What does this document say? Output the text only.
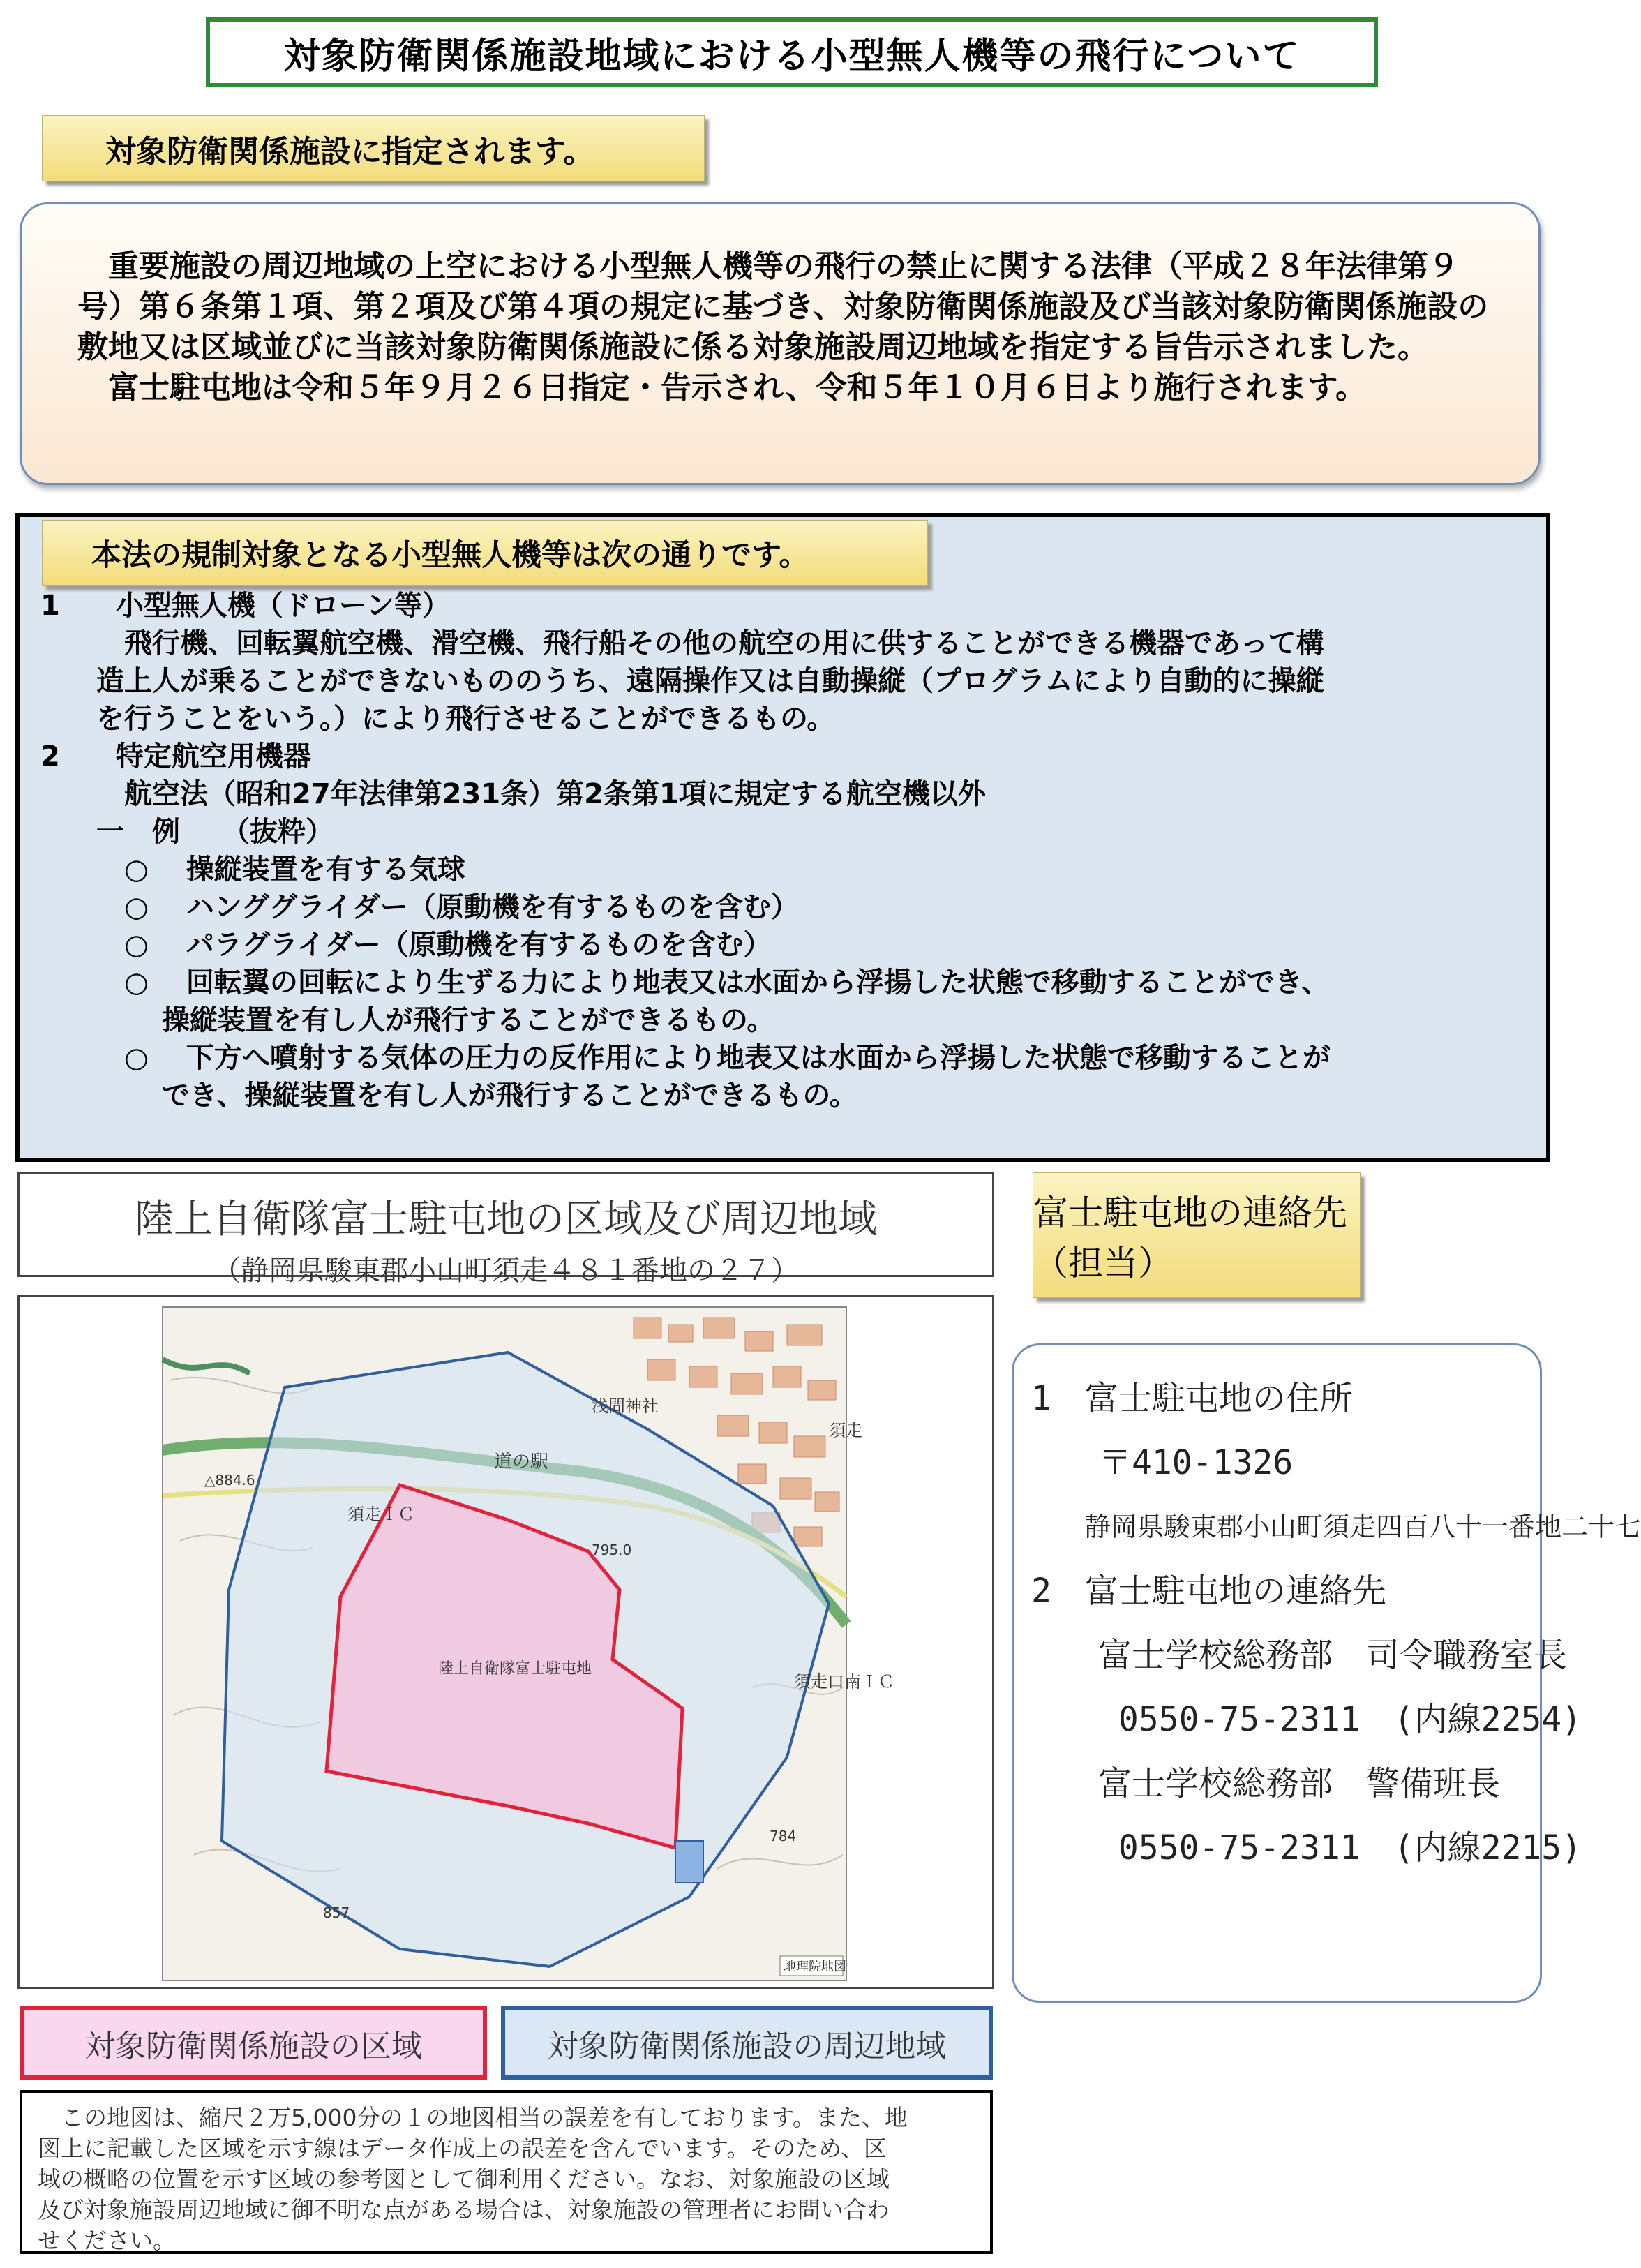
対象防衛関係施設地域における小型無人機等の飛行について
対象防衛関係施設に指定されます。

　重要施設の周辺地域の上空における小型無人機等の飛行の禁止に関する法律（平成２８年法律第９号）第６条第１項、第２項及び第４項の規定に基づき、対象防衛関係施設及び当該対象防衛関係施設の敷地又は区域並びに当該対象防衛関係施設に係る対象施設周辺地域を指定する旨告示されました。

　富士駐屯地は令和５年９月２６日指定・告示され、令和５年１０月６日より施行されます。

1　　小型無人機（ドローン等）
　　　飛行機、回転翼航空機、滑空機、飛行船その他の航空の用に供することができる機器であって構
　　造上人が乗ることができないもののうち、遠隔操作又は自動操縦（プログラムにより自動的に操縦
　　を行うことをいう。）により飛行させることができるもの。
2　　特定航空用機器
　　　航空法（昭和27年法律第231条）第2条第1項に規定する航空機以外
　　一　例　　（抜粋）
　　　○　 操縦装置を有する気球
　　　○　 ハンググライダー（原動機を有するものを含む）
　　　○　 パラグライダー（原動機を有するものを含む）
　　　○　 回転翼の回転により生ずる力により地表又は水面から浮揚した状態で移動することができ、
　　　　 操縦装置を有し人が飛行することができるもの。
　　　○　 下方へ噴射する気体の圧力の反作用により地表又は水面から浮揚した状態で移動することが
　　　　 でき、操縦装置を有し人が飛行することができるもの。
本法の規制対象となる小型無人機等は次の通りです。
陸上自衛隊富士駐屯地の区域及び周辺地域
（静岡県駿東郡小山町須走４８１番地の２７）
富士駐屯地の連絡先（担当）
浅間神社
道の駅
陸上自衛隊富士駐屯地
須走ＩＣ
須走口南ＩＣ
須走
△884.6
795.0
784
857
地理院地図
1　富士駐屯地の住所
　　〒410-1326
　　静岡県駿東郡小山町須走四百八十一番地二十七
2　富士駐屯地の連絡先
　　富士学校総務部　司令職務室長
　　 0550-75-2311　(内線2254)
　　富士学校総務部　警備班長
　　 0550-75-2311　(内線2215)
対象防衛関係施設の区域	対象防衛関係施設の周辺地域
　この地図は、縮尺２万5,000分の１の地図相当の誤差を有しております。また、地
図上に記載した区域を示す線はデータ作成上の誤差を含んでいます。そのため、区
域の概略の位置を示す区域の参考図として御利用ください。なお、対象施設の区域
及び対象施設周辺地域に御不明な点がある場合は、対象施設の管理者にお問い合わ
せください。
